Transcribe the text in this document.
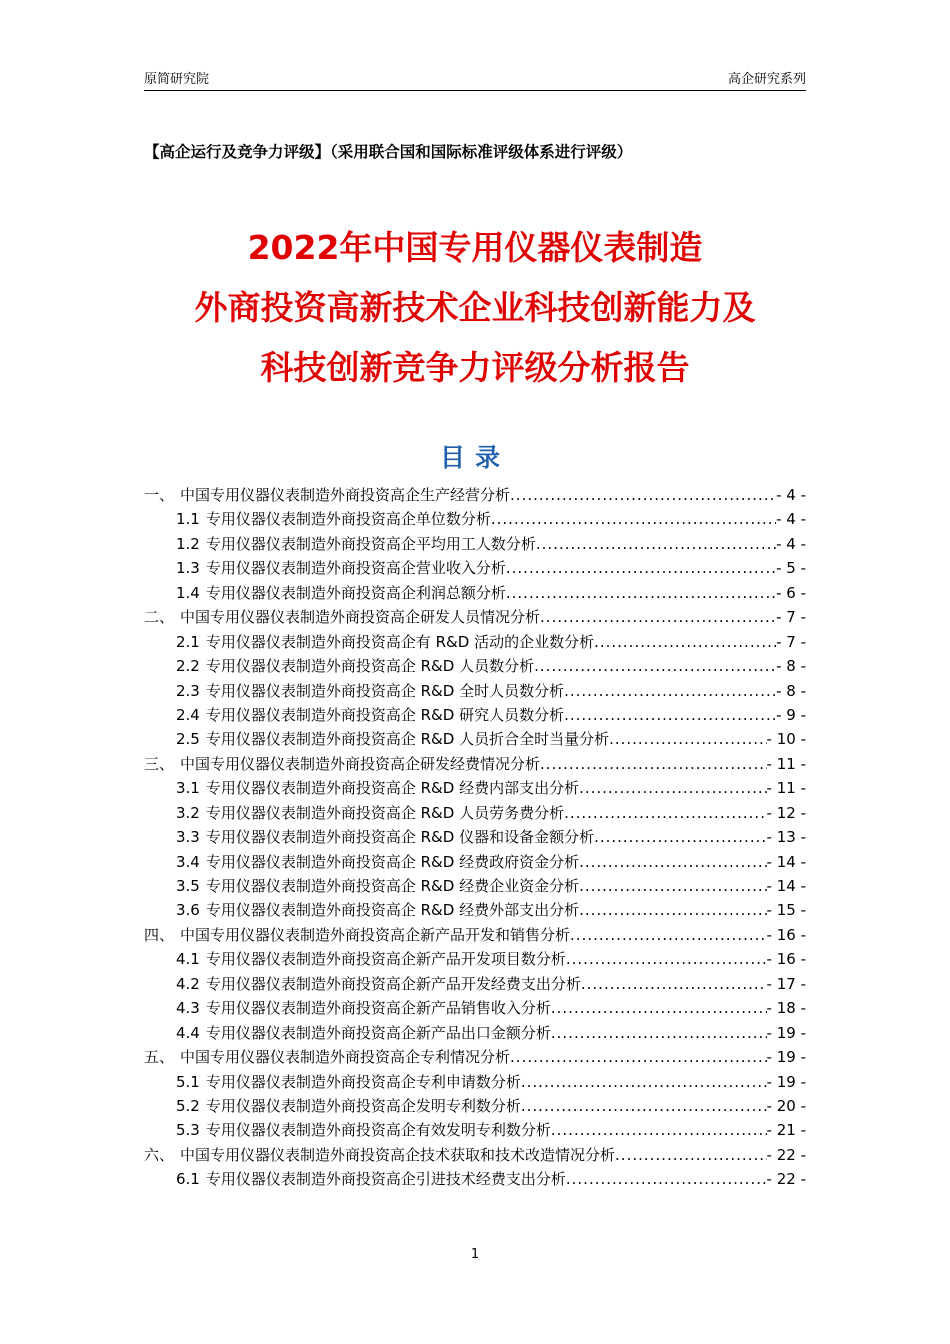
原简研究院	高企研究系列
【高企运行及竞争力评级】（采用联合国和国际标准评级体系进行评级）
2022年中国专用仪器仪表制造
外商投资高新技术企业科技创新能力及
科技创新竞争力评级分析报告
目录
一、 中国专用仪器仪表制造外商投资高企生产经营分析 .....	- 4 -
1.1 专用仪器仪表制造外商投资高企单位数分析 .....	- 4 -
1.2 专用仪器仪表制造外商投资高企平均用工人数分析 .....	- 4 -
1.3 专用仪器仪表制造外商投资高企营业收入分析 .....	- 5 -
1.4 专用仪器仪表制造外商投资高企利润总额分析 .....	- 6 -
二、 中国专用仪器仪表制造外商投资高企研发人员情况分析 .....	- 7 -
2.1 专用仪器仪表制造外商投资高企有 R&D 活动的企业数分析 .....	- 7 -
2.2 专用仪器仪表制造外商投资高企 R&D 人员数分析 .....	- 8 -
2.3 专用仪器仪表制造外商投资高企 R&D 全时人员数分析 .....	- 8 -
2.4 专用仪器仪表制造外商投资高企 R&D 研究人员数分析 .....	- 9 -
2.5 专用仪器仪表制造外商投资高企 R&D 人员折合全时当量分析 .....	- 10 -
三、 中国专用仪器仪表制造外商投资高企研发经费情况分析 .....	- 11 -
3.1 专用仪器仪表制造外商投资高企 R&D 经费内部支出分析 .....	- 11 -
3.2 专用仪器仪表制造外商投资高企 R&D 人员劳务费分析 .....	- 12 -
3.3 专用仪器仪表制造外商投资高企 R&D 仪器和设备金额分析 .....	- 13 -
3.4 专用仪器仪表制造外商投资高企 R&D 经费政府资金分析 .....	- 14 -
3.5 专用仪器仪表制造外商投资高企 R&D 经费企业资金分析 .....	- 14 -
3.6 专用仪器仪表制造外商投资高企 R&D 经费外部支出分析 .....	- 15 -
四、 中国专用仪器仪表制造外商投资高企新产品开发和销售分析 .....	- 16 -
4.1 专用仪器仪表制造外商投资高企新产品开发项目数分析 .....	- 16 -
4.2 专用仪器仪表制造外商投资高企新产品开发经费支出分析 .....	- 17 -
4.3 专用仪器仪表制造外商投资高企新产品销售收入分析 .....	- 18 -
4.4 专用仪器仪表制造外商投资高企新产品出口金额分析 .....	- 19 -
五、 中国专用仪器仪表制造外商投资高企专利情况分析 .....	- 19 -
5.1 专用仪器仪表制造外商投资高企专利申请数分析 .....	- 19 -
5.2 专用仪器仪表制造外商投资高企发明专利数分析 .....	- 20 -
5.3 专用仪器仪表制造外商投资高企有效发明专利数分析 .....	- 21 -
六、 中国专用仪器仪表制造外商投资高企技术获取和技术改造情况分析 .....	- 22 -
6.1 专用仪器仪表制造外商投资高企引进技术经费支出分析 .....	- 22 -
1
